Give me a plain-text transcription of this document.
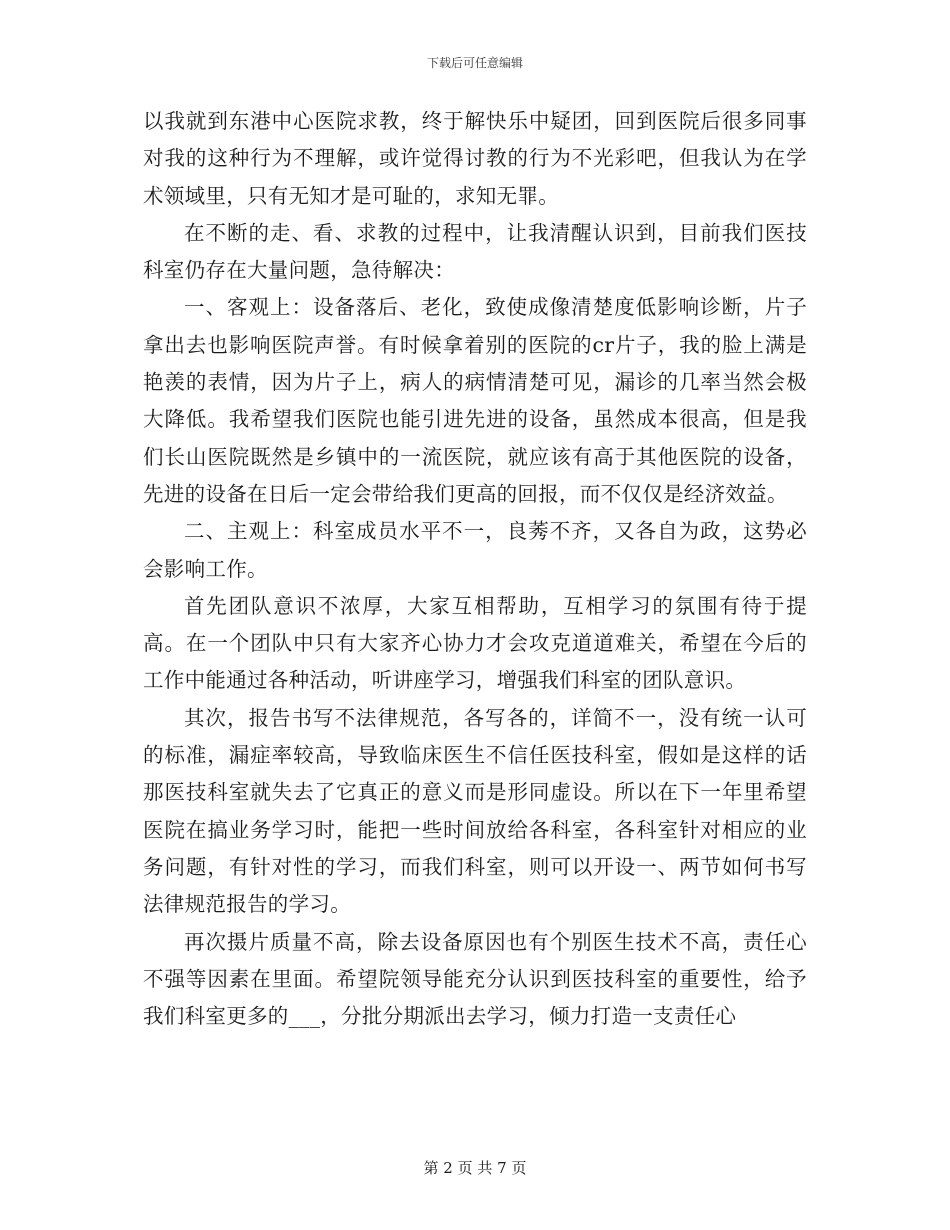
下载后可任意编辑

以我就到东港中心医院求教，终于解快乐中疑团，回到医院后很多同事对我的这种行为不理解，或许觉得讨教的行为不光彩吧，但我认为在学术领域里，只有无知才是可耻的，求知无罪。

在不断的走、看、求教的过程中，让我清醒认识到，目前我们医技科室仍存在大量问题，急待解决：

一、客观上：设备落后、老化，致使成像清楚度低影响诊断，片子拿出去也影响医院声誉。有时候拿着别的医院的cr片子，我的脸上满是艳羡的表情，因为片子上，病人的病情清楚可见，漏诊的几率当然会极大降低。我希望我们医院也能引进先进的设备，虽然成本很高，但是我们长山医院既然是乡镇中的一流医院，就应该有高于其他医院的设备，先进的设备在日后一定会带给我们更高的回报，而不仅仅是经济效益。

二、主观上：科室成员水平不一，良莠不齐，又各自为政，这势必会影响工作。

首先团队意识不浓厚，大家互相帮助，互相学习的氛围有待于提高。在一个团队中只有大家齐心协力才会攻克道道难关，希望在今后的工作中能通过各种活动，听讲座学习，增强我们科室的团队意识。

其次，报告书写不法律规范，各写各的，详简不一，没有统一认可的标准，漏症率较高，导致临床医生不信任医技科室，假如是这样的话那医技科室就失去了它真正的意义而是形同虚设。所以在下一年里希望医院在搞业务学习时，能把一些时间放给各科室，各科室针对相应的业务问题，有针对性的学习，而我们科室，则可以开设一、两节如何书写法律规范报告的学习。

再次摄片质量不高，除去设备原因也有个别医生技术不高，责任心不强等因素在里面。希望院领导能充分认识到医技科室的重要性，给予我们科室更多的___，分批分期派出去学习，倾力打造一支责任心

第 2 页 共 7 页
